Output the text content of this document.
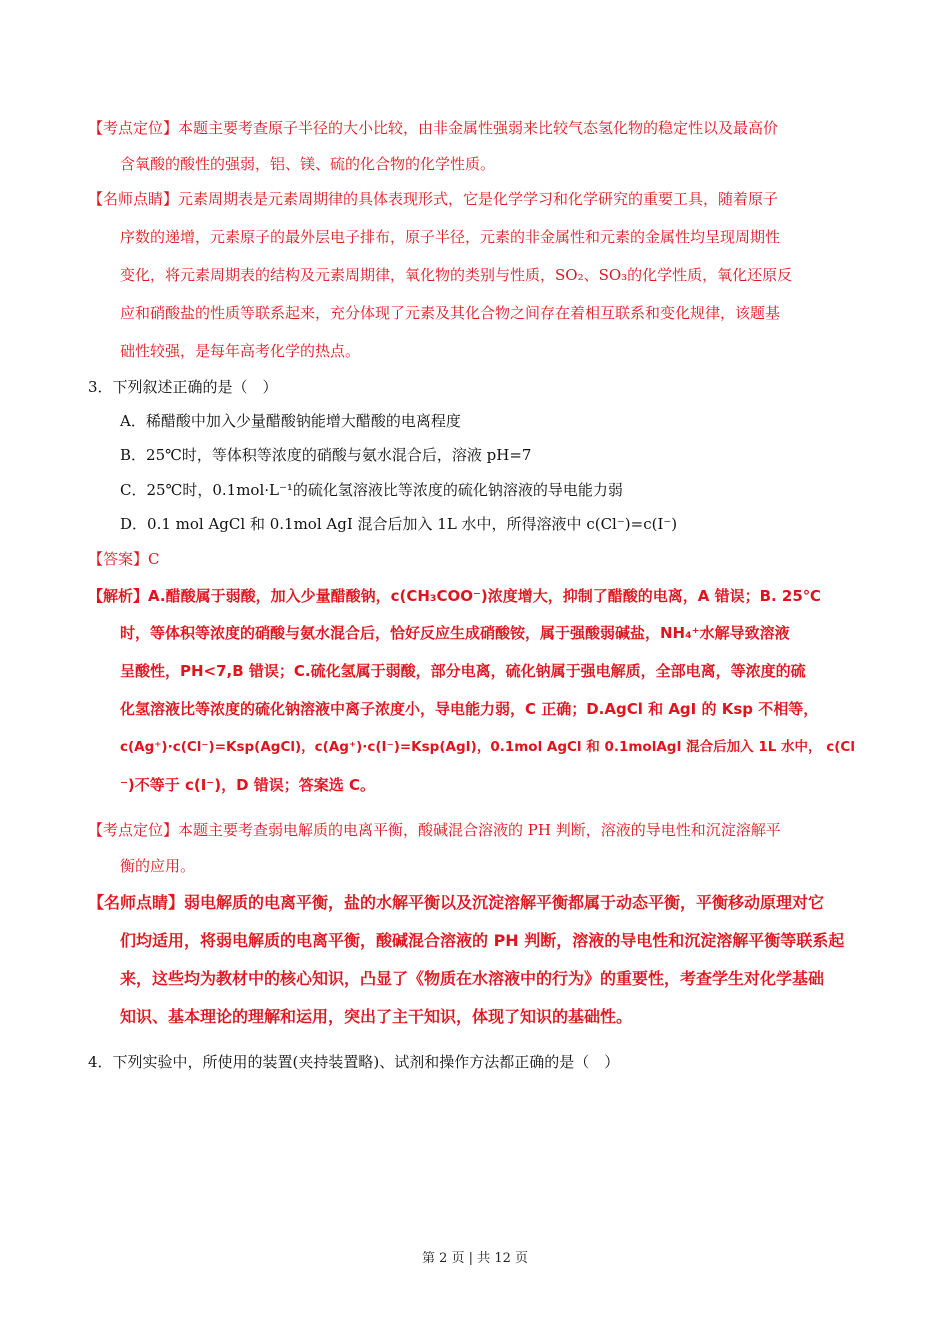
【考点定位】本题主要考查原子半径的大小比较，由非金属性强弱来比较气态氢化物的稳定性以及最高价
含氧酸的酸性的强弱，铝、镁、硫的化合物的化学性质。
【名师点睛】元素周期表是元素周期律的具体表现形式，它是化学学习和化学研究的重要工具，随着原子
序数的递增，元素原子的最外层电子排布，原子半径，元素的非金属性和元素的金属性均呈现周期性
变化，将元素周期表的结构及元素周期律，氧化物的类别与性质，SO₂、SO₃的化学性质，氧化还原反
应和硝酸盐的性质等联系起来，充分体现了元素及其化合物之间存在着相互联系和变化规律，该题基
础性较强，是每年高考化学的热点。
3．下列叙述正确的是（　）
A．稀醋酸中加入少量醋酸钠能增大醋酸的电离程度
B．25℃时，等体积等浓度的硝酸与氨水混合后，溶液 pH=7
C．25℃时，0.1mol·L⁻¹的硫化氢溶液比等浓度的硫化钠溶液的导电能力弱
D．0.1 mol AgCl 和 0.1mol AgI 混合后加入 1L 水中，所得溶液中 c(Cl⁻)=c(I⁻)
【答案】C
【解析】A.醋酸属于弱酸，加入少量醋酸钠，c(CH₃COO⁻)浓度增大，抑制了醋酸的电离，A 错误；B. 25℃
时，等体积等浓度的硝酸与氨水混合后，恰好反应生成硝酸铵，属于强酸弱碱盐，NH₄⁺水解导致溶液
呈酸性，PH<7,B 错误；C.硫化氢属于弱酸，部分电离，硫化钠属于强电解质，全部电离，等浓度的硫
化氢溶液比等浓度的硫化钠溶液中离子浓度小，导电能力弱，C 正确；D.AgCl 和 AgI 的 Ksp 不相等，
c(Ag⁺)·c(Cl⁻)=Ksp(AgCl)，c(Ag⁺)·c(I⁻)=Ksp(AgI)，0.1mol AgCl 和 0.1molAgI 混合后加入 1L 水中， c(Cl
⁻)不等于 c(I⁻)，D 错误；答案选 C。
【考点定位】本题主要考查弱电解质的电离平衡，酸碱混合溶液的 PH 判断，溶液的导电性和沉淀溶解平
衡的应用。
【名师点睛】弱电解质的电离平衡，盐的水解平衡以及沉淀溶解平衡都属于动态平衡，平衡移动原理对它
们均适用，将弱电解质的电离平衡，酸碱混合溶液的 PH 判断，溶液的导电性和沉淀溶解平衡等联系起
来，这些均为教材中的核心知识，凸显了《物质在水溶液中的行为》的重要性，考查学生对化学基础
知识、基本理论的理解和运用，突出了主干知识，体现了知识的基础性。
4．下列实验中，所使用的装置(夹持装置略)、试剂和操作方法都正确的是（　）
第 2 页 | 共 12 页
